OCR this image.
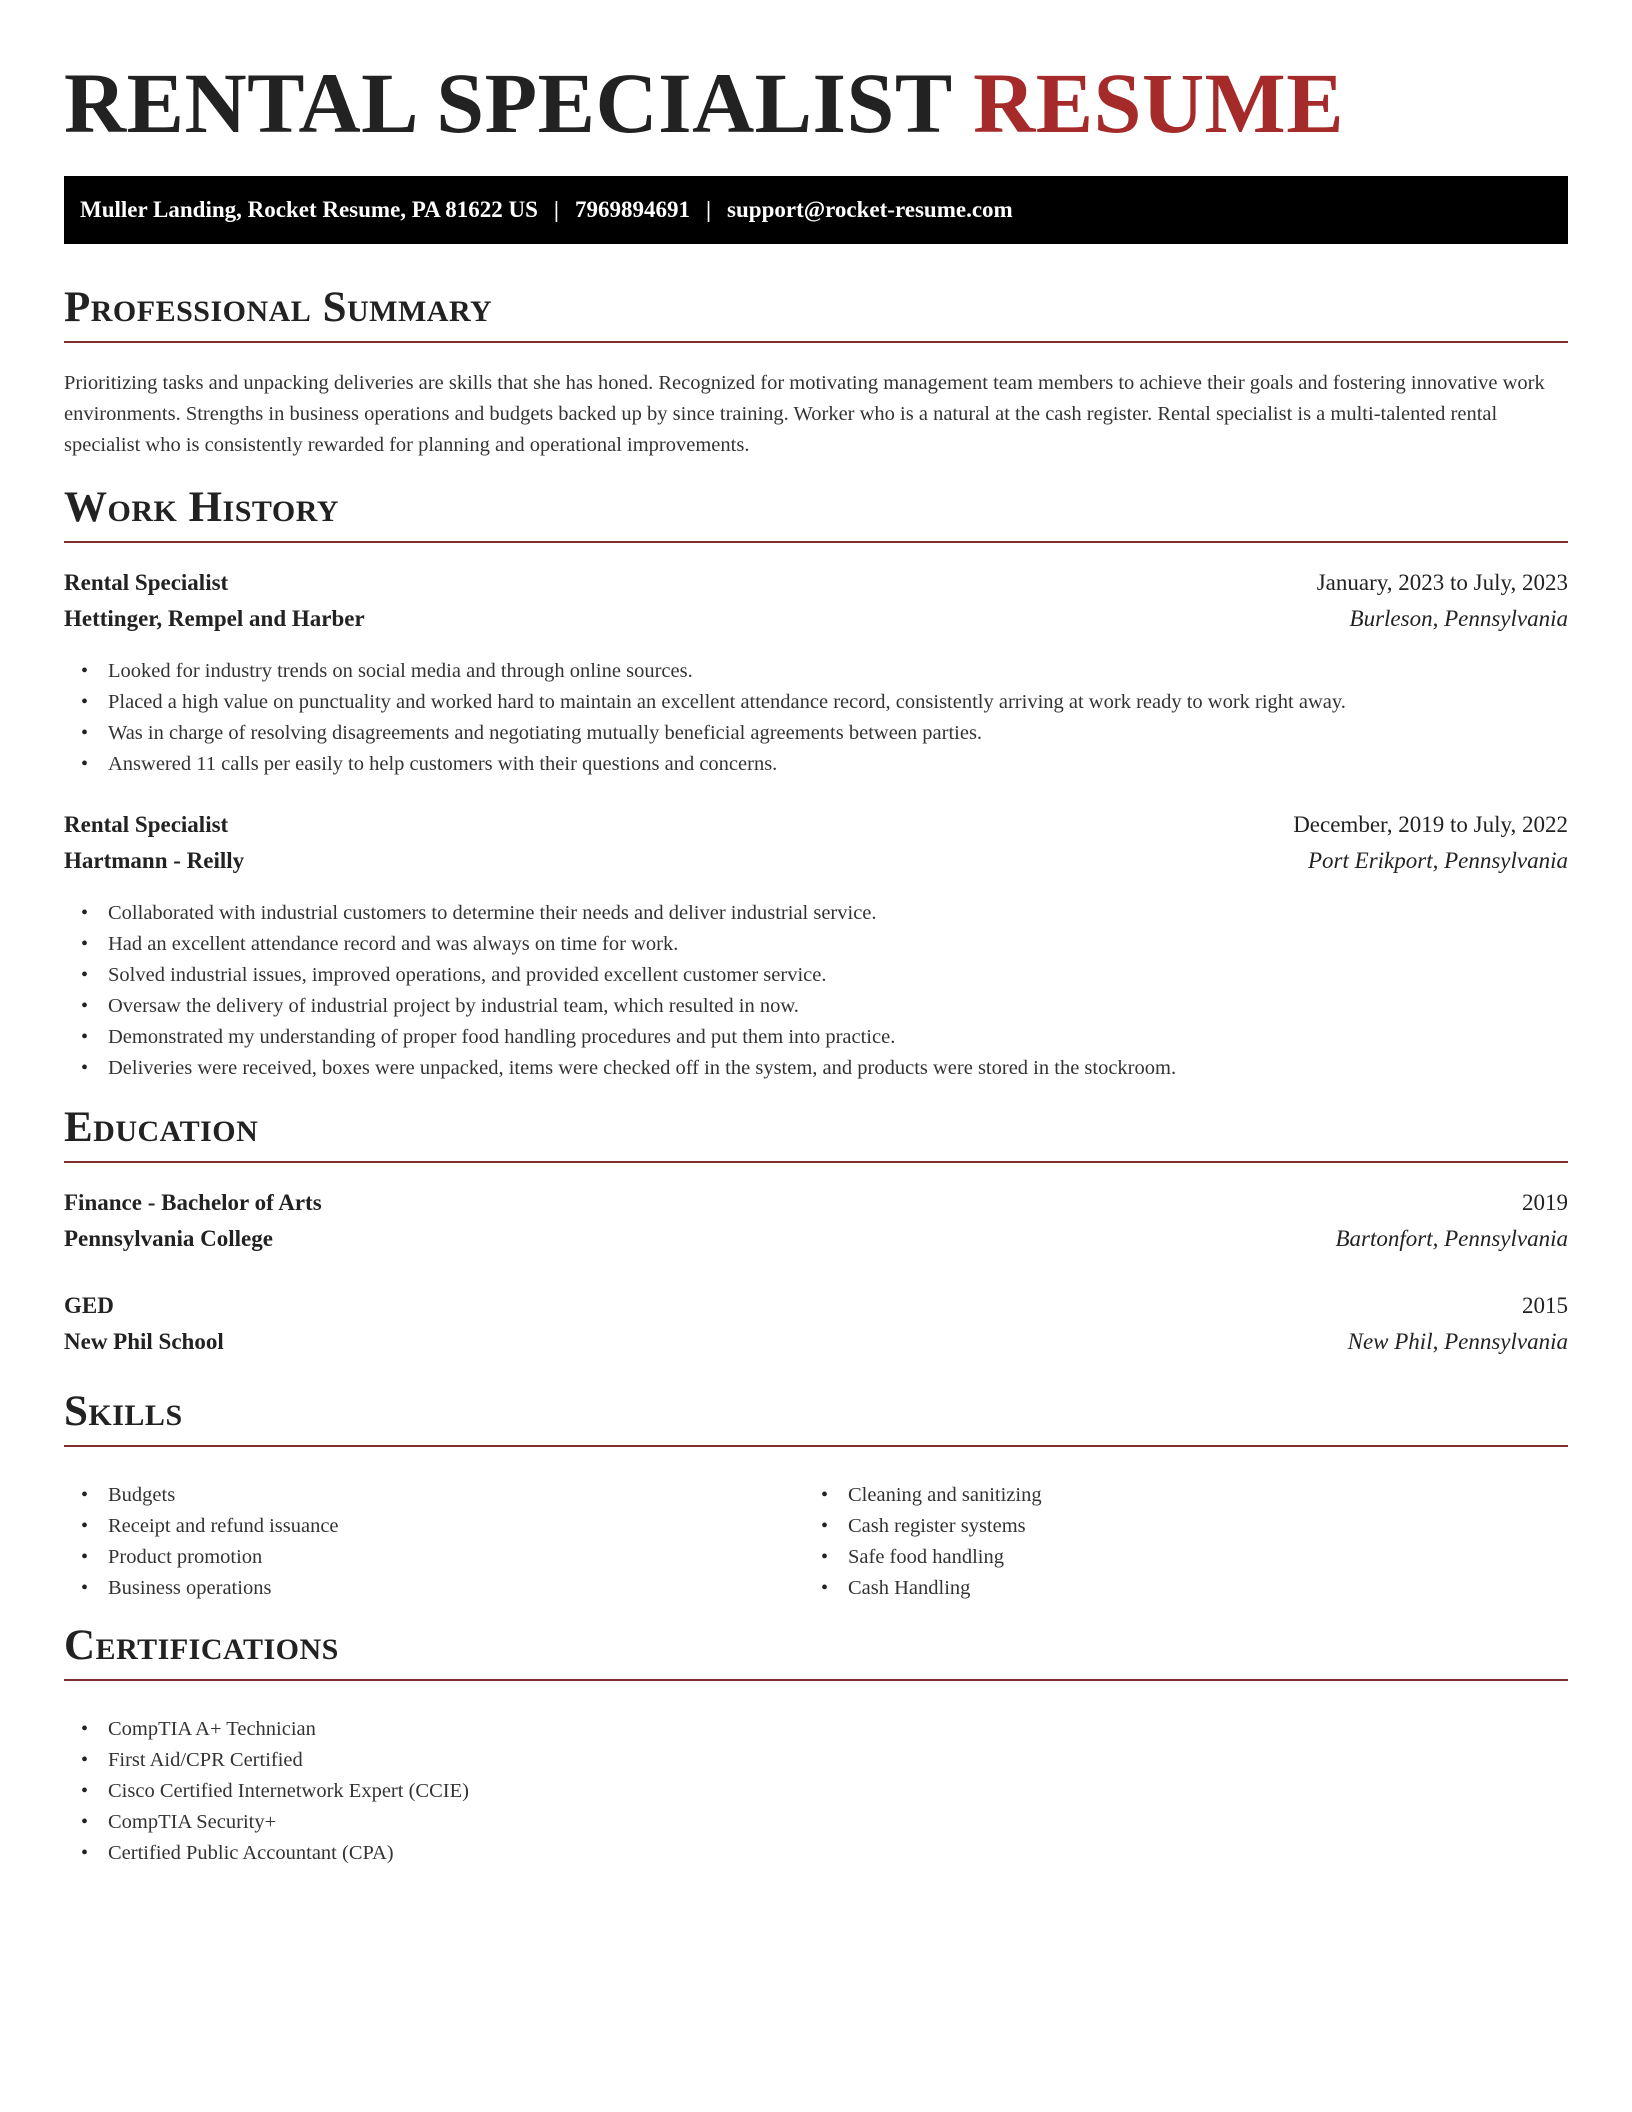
RENTAL SPECIALIST RESUME
Muller Landing, Rocket Resume, PA 81622 US | 7969894691 | support@rocket-resume.com
Professional Summary

Prioritizing tasks and unpacking deliveries are skills that she has honed. Recognized for motivating management team members to achieve their goals and fostering innovative work environments. Strengths in business operations and budgets backed up by since training. Worker who is a natural at the cash register. Rental specialist is a multi-talented rental specialist who is consistently rewarded for planning and operational improvements.

Work History
Rental Specialist	January, 2023 to July, 2023
Hettinger, Rempel and Harber	Burleson, Pennsylvania
• Looked for industry trends on social media and through online sources.
• Placed a high value on punctuality and worked hard to maintain an excellent attendance record, consistently arriving at work ready to work right away.
• Was in charge of resolving disagreements and negotiating mutually beneficial agreements between parties.
• Answered 11 calls per easily to help customers with their questions and concerns.
Rental Specialist	December, 2019 to July, 2022
Hartmann - Reilly	Port Erikport, Pennsylvania
• Collaborated with industrial customers to determine their needs and deliver industrial service.
• Had an excellent attendance record and was always on time for work.
• Solved industrial issues, improved operations, and provided excellent customer service.
• Oversaw the delivery of industrial project by industrial team, which resulted in now.
• Demonstrated my understanding of proper food handling procedures and put them into practice.
• Deliveries were received, boxes were unpacked, items were checked off in the system, and products were stored in the stockroom.
Education
Finance - Bachelor of Arts	2019
Pennsylvania College	Bartonfort, Pennsylvania
GED	2015
New Phil School	New Phil, Pennsylvania
Skills
• Budgets
• Receipt and refund issuance
• Product promotion
• Business operations
• Cleaning and sanitizing
• Cash register systems
• Safe food handling
• Cash Handling
Certifications
• CompTIA A+ Technician
• First Aid/CPR Certified
• Cisco Certified Internetwork Expert (CCIE)
• CompTIA Security+
• Certified Public Accountant (CPA)
